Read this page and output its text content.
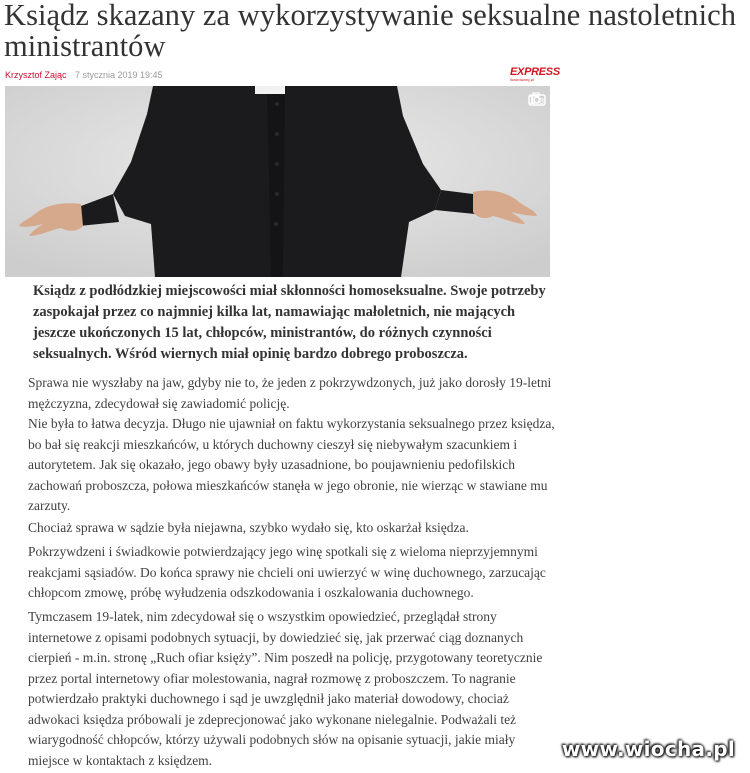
Ksiądz skazany za wykorzystywanie seksualne nastoletnich ministrantów
Krzysztof Zając 7 stycznia 2019 19:45	EXPRESS
ilustrowany.pl
1 /3

Ksiądz z podłódzkiej miejscowości miał skłonności homoseksualne. Swoje potrzeby zaspokajał przez co najmniej kilka lat, namawiając małoletnich, nie mających jeszcze ukończonych 15 lat, chłopców, ministrantów, do różnych czynności seksualnych. Wśród wiernych miał opinię bardzo dobrego proboszcza.

Sprawa nie wyszłaby na jaw, gdyby nie to, że jeden z pokrzywdzonych, już jako dorosły 19-letni mężczyzna, zdecydował się zawiadomić policję.

Nie była to łatwa decyzja. Długo nie ujawniał on faktu wykorzystania seksualnego przez księdza, bo bał się reakcji mieszkańców, u których duchowny cieszył się niebywałym szacunkiem i autorytetem. Jak się okazało, jego obawy były uzasadnione, bo poujawnieniu pedofilskich zachowań proboszcza, połowa mieszkańców stanęła w jego obronie, nie wierząc w stawiane mu zarzuty.

Chociaż sprawa w sądzie była niejawna, szybko wydało się, kto oskarżał księdza.

Pokrzywdzeni i świadkowie potwierdzający jego winę spotkali się z wieloma nieprzyjemnymi reakcjami sąsiadów. Do końca sprawy nie chcieli oni uwierzyć w winę duchownego, zarzucając chłopcom zmowę, próbę wyłudzenia odszkodowania i oszkalowania duchownego.

Tymczasem 19-latek, nim zdecydował się o wszystkim opowiedzieć, przeglądał strony internetowe z opisami podobnych sytuacji, by dowiedzieć się, jak przerwać ciąg doznanych cierpień - m.in. stronę „Ruch ofiar księży”. Nim poszedł na policję, przygotowany teoretycznie przez portal internetowy ofiar molestowania, nagrał rozmowę z proboszczem. To nagranie potwierdzało praktyki duchownego i sąd je uwzględnił jako materiał dowodowy, chociaż adwokaci księdza próbowali je zdeprecjonować jako wykonane nielegalnie. Podważali też wiarygodność chłopców, którzy używali podobnych słów na opisanie sytuacji, jakie miały miejsce w kontaktach z księdzem.	www.wiocha.pl
